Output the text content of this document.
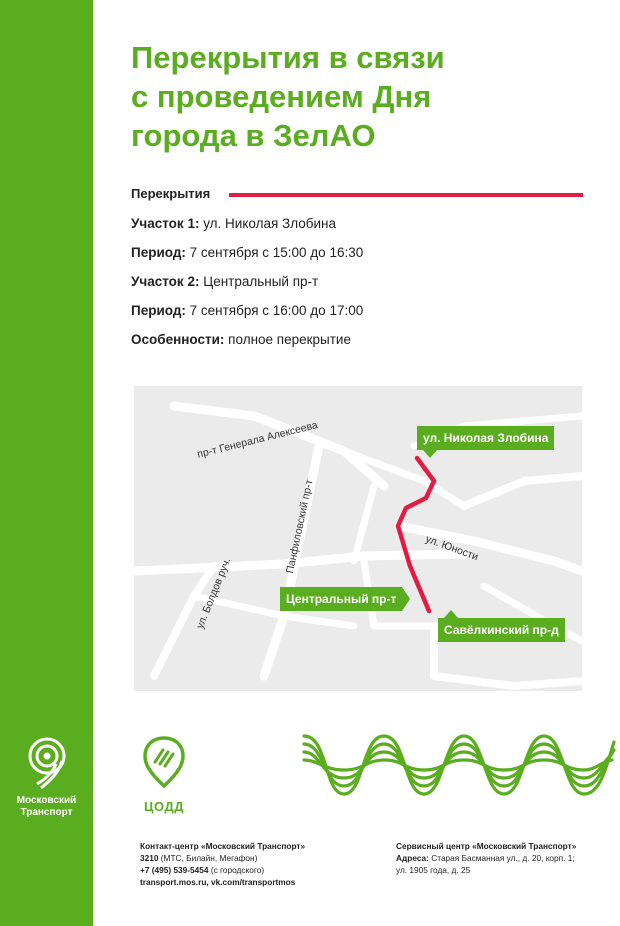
Московский
Транспорт
Перекрытия в связи
с проведением Дня
города в ЗелАО
Перекрытия
Участок 1: ул. Николая Злобина
Период: 7 сентября с 15:00 до 16:30
Участок 2: Центральный пр-т
Период: 7 сентября с 16:00 до 17:00
Особенности: полное перекрытие
пр-т Генерала Алексеева
Панфиловский пр-т	ул. Юности
ул. Болдов руч.
ул. Николая Злобина
Центральный пр-т
Савёлкинский пр-д
ЦОДД
Контакт-центр «Московский Транспорт»
3210 (МТС, Билайн, Мегафон)
+7 (495) 539-5454 (с городского)
transport.mos.ru, vk.com/transportmos
Сервисный центр «Московский Транспорт»
Адреса: Старая Басманная ул., д. 20, корп. 1;
ул. 1905 года, д. 25
